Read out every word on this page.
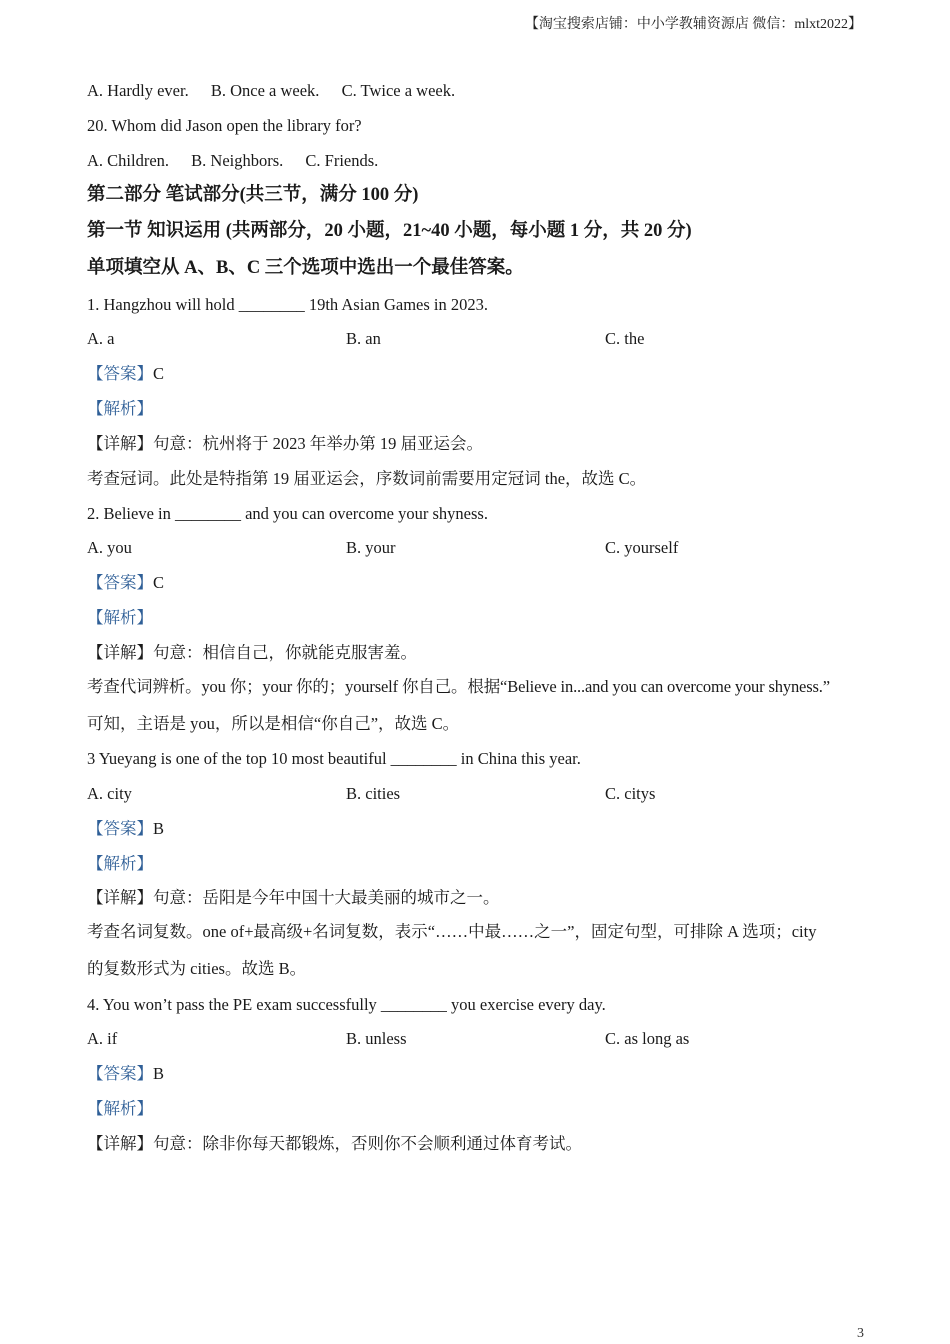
【淘宝搜索店铺：中小学教辅资源店 微信：mlxt2022】
A. Hardly ever. B. Once a week. C. Twice a week.
20. Whom did Jason open the library for?
A. Children. B. Neighbors. C. Friends.
第二部分 笔试部分(共三节，满分 100 分)
第一节 知识运用 (共两部分，20 小题，21~40 小题，每小题 1 分，共 20 分)
单项填空从 A、B、C 三个选项中选出一个最佳答案。
1. Hangzhou will hold ________ 19th Asian Games in 2023.
A. a	B. an	C. the
【答案】C
【解析】
【详解】句意：杭州将于 2023 年举办第 19 届亚运会。
考查冠词。此处是特指第 19 届亚运会，序数词前需要用定冠词 the，故选 C。
2. Believe in ________ and you can overcome your shyness.
A. you	B. your	C. yourself
【答案】C
【解析】
【详解】句意：相信自己，你就能克服害羞。
考查代词辨析。you 你；your 你的；yourself 你自己。根据“Believe in...and you can overcome your shyness.”
可知，主语是 you，所以是相信“你自己”，故选 C。
3 Yueyang is one of the top 10 most beautiful ________ in China this year.
A. city	B. cities	C. citys
【答案】B
【解析】
【详解】句意：岳阳是今年中国十大最美丽的城市之一。
考查名词复数。one of+最高级+名词复数，表示“……中最……之一”，固定句型，可排除 A 选项；city
的复数形式为 cities。故选 B。
4. You won’t pass the PE exam successfully ________ you exercise every day.
A. if	B. unless	C. as long as
【答案】B
【解析】
【详解】句意：除非你每天都锻炼，否则你不会顺利通过体育考试。
3
